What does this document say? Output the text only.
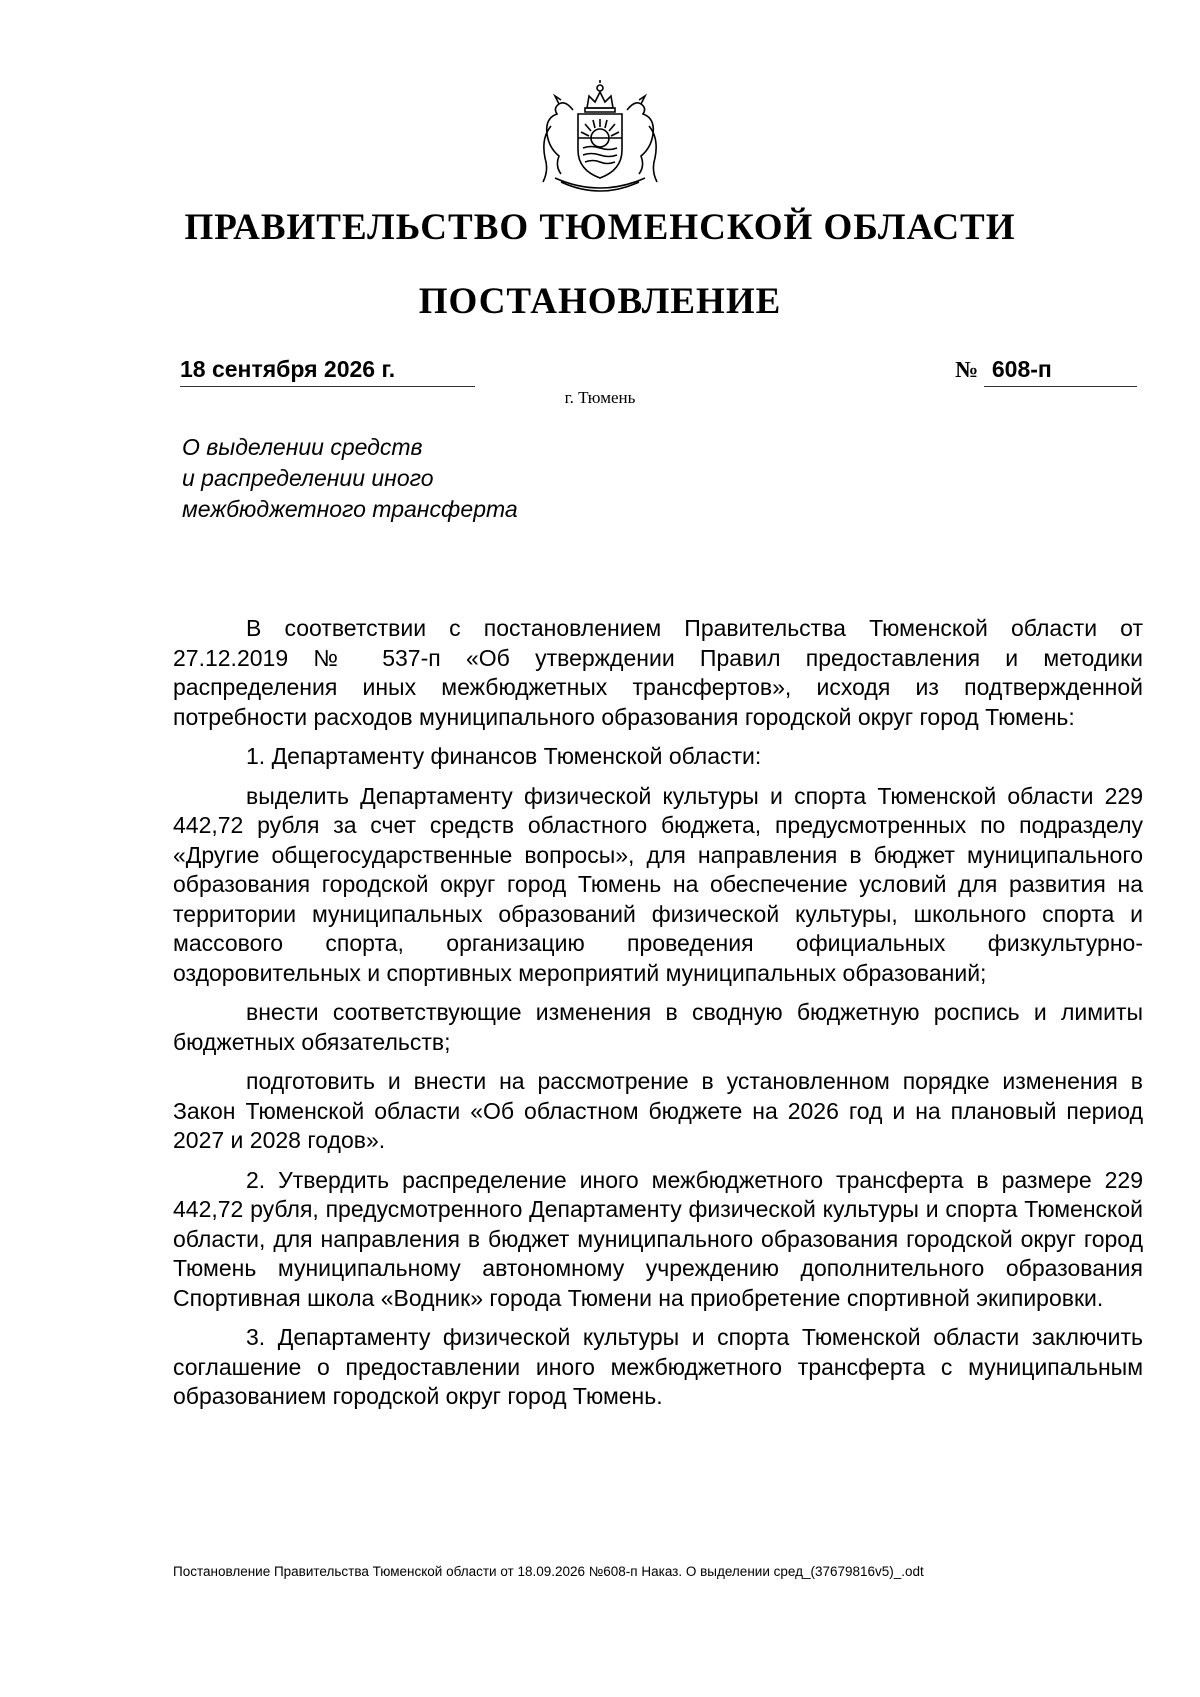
ПРАВИТЕЛЬСТВО ТЮМЕНСКОЙ ОБЛАСТИ
ПОСТАНОВЛЕНИЕ
18 сентября 2026 г.	№ 608-п
г. Тюмень
О выделении средств
и распределении иного
межбюджетного трансферта

В соответствии с постановлением Правительства Тюменской области от 27.12.2019 № 537-п «Об утверждении Правил предоставления и методики распределения иных межбюджетных трансфертов», исходя из подтвержденной потребности расходов муниципального образования городской округ город Тюмень:

1. Департаменту финансов Тюменской области:

выделить Департаменту физической культуры и спорта Тюменской области 229 442,72 рубля за счет средств областного бюджета, предусмотренных по подразделу «Другие общегосударственные вопросы», для направления в бюджет муниципального образования городской округ город Тюмень на обеспечение условий для развития на территории муниципальных образований физической культуры, школьного спорта и массового спорта, организацию проведения официальных физкультурно-оздоровительных и спортивных мероприятий муниципальных образований;

внести соответствующие изменения в сводную бюджетную роспись и лимиты бюджетных обязательств;

подготовить и внести на рассмотрение в установленном порядке изменения в Закон Тюменской области «Об областном бюджете на 2026 год и на плановый период 2027 и 2028 годов».

2. Утвердить распределение иного межбюджетного трансферта в размере 229 442,72 рубля, предусмотренного Департаменту физической культуры и спорта Тюменской области, для направления в бюджет муниципального образования городской округ город Тюмень муниципальному автономному учреждению дополнительного образования Спортивная школа «Водник» города Тюмени на приобретение спортивной экипировки.

3. Департаменту физической культуры и спорта Тюменской области заключить соглашение о предоставлении иного межбюджетного трансферта с муниципальным образованием городской округ город Тюмень.

Постановление Правительства Тюменской области от 18.09.2026 №608-п Наказ. О выделении сред_(37679816v5)_.odt
